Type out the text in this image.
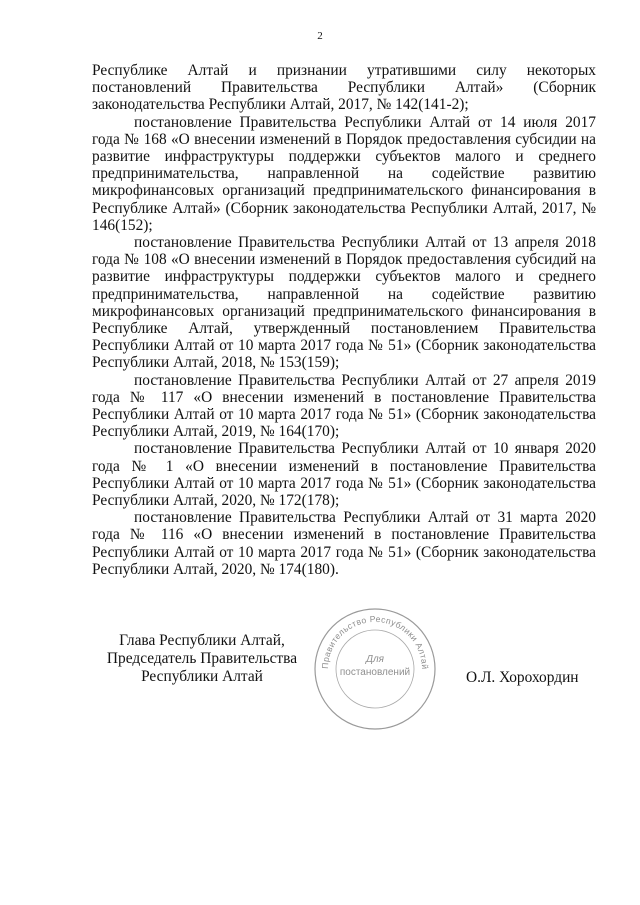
2

Республике Алтай и признании утратившими силу некоторых постановлений Правительства Республики Алтай» (Сборник законодательства Республики Алтай, 2017, № 142(141-2);

постановление Правительства Республики Алтай от 14 июля 2017 года № 168 «О внесении изменений в Порядок предоставления субсидии на развитие инфраструктуры поддержки субъектов малого и среднего предпринимательства, направленной на содействие развитию микрофинансовых организаций предпринимательского финансирования в Республике Алтай» (Сборник законодательства Республики Алтай, 2017, № 146(152);

постановление Правительства Республики Алтай от 13 апреля 2018 года № 108 «О внесении изменений в Порядок предоставления субсидий на развитие инфраструктуры поддержки субъектов малого и среднего предпринимательства, направленной на содействие развитию микрофинансовых организаций предпринимательского финансирования в Республике Алтай, утвержденный постановлением Правительства Республики Алтай от 10 марта 2017 года № 51» (Сборник законодательства Республики Алтай, 2018, № 153(159);

постановление Правительства Республики Алтай от 27 апреля 2019 года № 117 «О внесении изменений в постановление Правительства Республики Алтай от 10 марта 2017 года № 51» (Сборник законодательства Республики Алтай, 2019, № 164(170);

постановление Правительства Республики Алтай от 10 января 2020 года № 1 «О внесении изменений в постановление Правительства Республики Алтай от 10 марта 2017 года № 51» (Сборник законодательства Республики Алтай, 2020, № 172(178);

постановление Правительства Республики Алтай от 31 марта 2020 года № 116 «О внесении изменений в постановление Правительства Республики Алтай от 10 марта 2017 года № 51» (Сборник законодательства Республики Алтай, 2020, № 174(180).

Глава Республики Алтай,
Председатель Правительства
Республики Алтай
Правительство Республики Алтай
Для
постановлений	О.Л. Хорохордин
